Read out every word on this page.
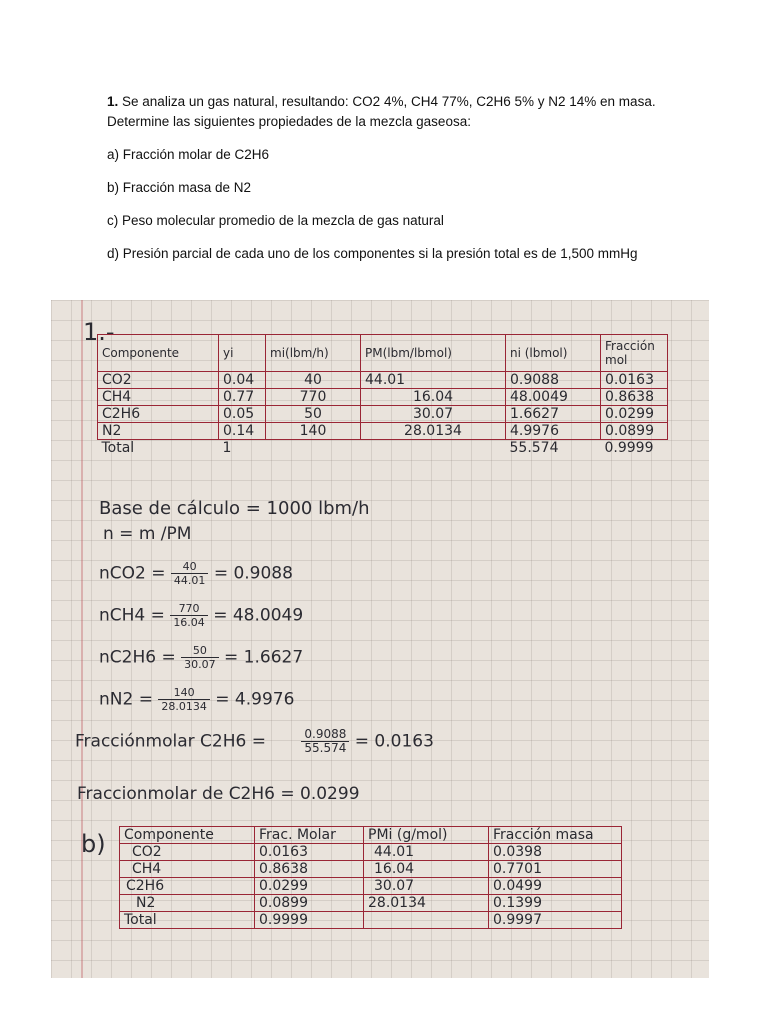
1. Se analiza un gas natural, resultando: CO2 4%, CH4 77%, C2H6 5% y N2 14% en masa. Determine las siguientes propiedades de la mezcla gaseosa:

a) Fracción molar de C2H6

b) Fracción masa de N2

c) Peso molecular promedio de la mezcla de gas natural

d) Presión parcial de cada uno de los componentes si la presión total es de 1,500 mmHg

1.-
Componente	yi	mi(lbm/h)	PM(lbm/lbmol)	ni (lbmol)	Fracción mol
CO2	0.04	40	44.01	0.9088	0.0163
CH4	0.77	770	16.04	48.0049	0.8638
C2H6	0.05	50	30.07	1.6627	0.0299
N2	0.14	140	28.0134	4.9976	0.0899
Total	1			55.574	0.9999
Base de cálculo = 1000 lbm/h
n = m /PM
$nCO2 = \frac{40}{44.01} = 0.9088$
$nCH4 = \frac{770}{16.04} = 48.0049$
$nC2H6 = \frac{50}{30.07} = 1.6627$
$nN2 = \frac{140}{28.0134} = 4.9976$
Fracciónmolar C2H6 =	$\frac{0.9088}{55.574} = 0.0163$
Fraccionmolar de C2H6 = 0.0299
b) Componente	Frac. Molar	PMi (g/mol)	Fracción masa
CO2	0.0163	44.01	0.0398
CH4	0.8638	16.04	0.7701
C2H6	0.0299	30.07	0.0499
N2	0.0899	28.0134	0.1399
Total	0.9999		0.9997
